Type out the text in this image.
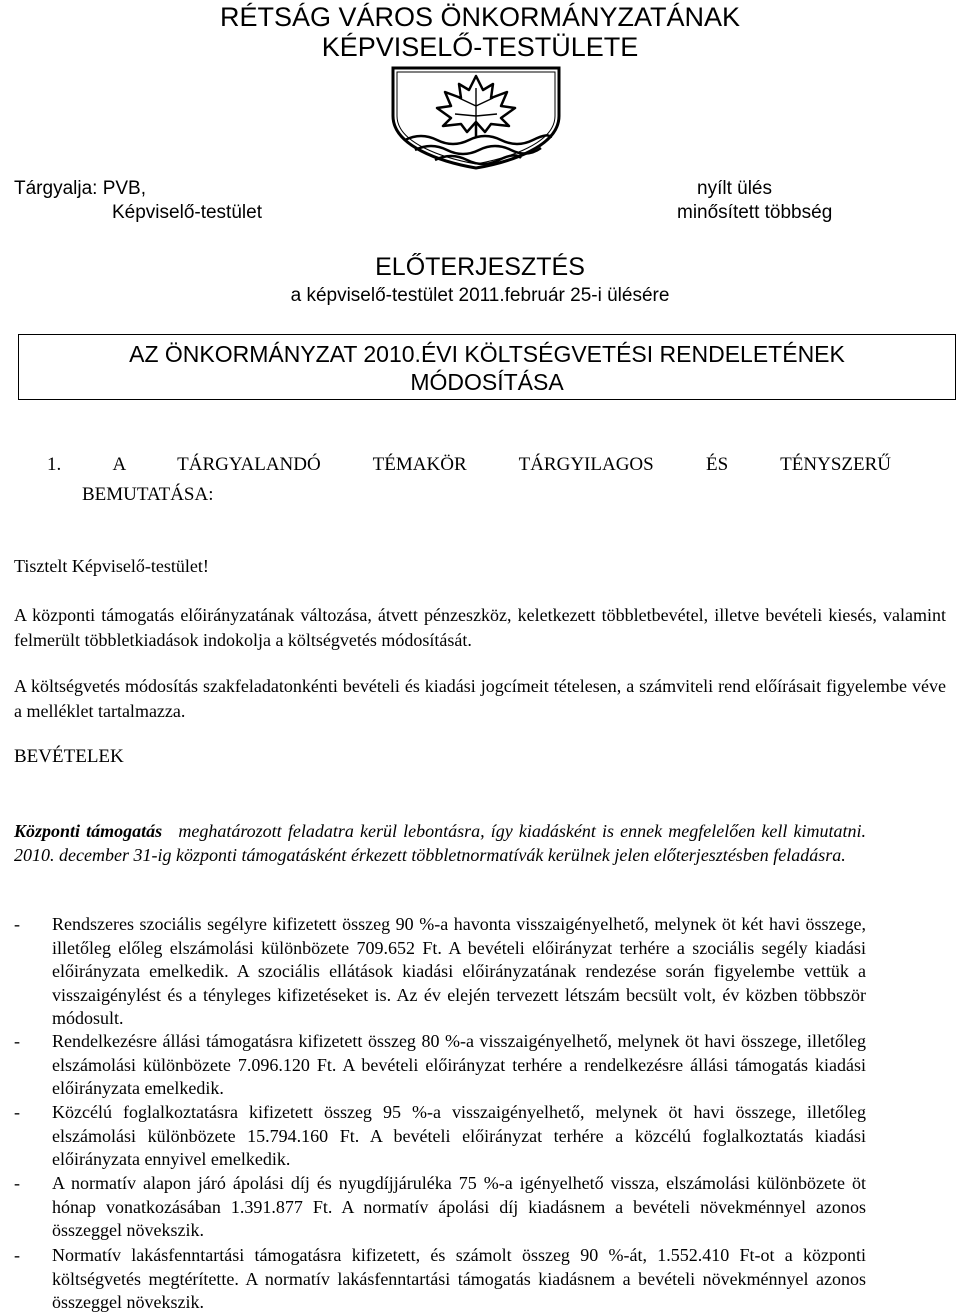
RÉTSÁG VÁROS ÖNKORMÁNYZATÁNAK
KÉPVISELŐ-TESTÜLETE
Tárgyalja: PVB,
Képviselő-testület
nyílt ülés
minősített többség
ELŐTERJESZTÉS
a képviselő-testület 2011.február 25-i ülésére
AZ ÖNKORMÁNYZAT 2010.ÉVI KÖLTSÉGVETÉSI RENDELETÉNEK
MÓDOSÍTÁSA
1. A TÁRGYALANDÓ TÉMAKÖR TÁRGYILAGOS ÉS TÉNYSZERŰ
BEMUTATÁSA:
Tisztelt Képviselő-testület!
A központi támogatás előirányzatának változása, átvett pénzeszköz, keletkezett többletbevétel, illetve bevételi kiesés, valamint felmerült többletkiadások indokolja a költségvetés módosítását.
A költségvetés módosítás szakfeladatonkénti bevételi és kiadási jogcímeit tételesen, a számviteli rend előírásait figyelembe véve a melléklet tartalmazza.
BEVÉTELEK
Központi támogatás meghatározott feladatra kerül lebontásra, így kiadásként is ennek megfelelően kell kimutatni. 2010. december 31-ig központi támogatásként érkezett többletnormatívák kerülnek jelen előterjesztésben feladásra.
- Rendszeres szociális segélyre kifizetett összeg 90 %-a havonta visszaigényelhető, melynek öt két havi összege, illetőleg előleg elszámolási különbözete 709.652 Ft. A bevételi előirányzat terhére a szociális segély kiadási előirányzata emelkedik. A szociális ellátások kiadási előirányzatának rendezése során figyelembe vettük a visszaigénylést és a tényleges kifizetéseket is. Az év elején tervezett létszám becsült volt, év közben többször módosult.
- Rendelkezésre állási támogatásra kifizetett összeg 80 %-a visszaigényelhető, melynek öt havi összege, illetőleg elszámolási különbözete 7.096.120 Ft. A bevételi előirányzat terhére a rendelkezésre állási támogatás kiadási előirányzata emelkedik.
- Közcélú foglalkoztatásra kifizetett összeg 95 %-a visszaigényelhető, melynek öt havi összege, illetőleg elszámolási különbözete 15.794.160 Ft. A bevételi előirányzat terhére a közcélú foglalkoztatás kiadási előirányzata ennyivel emelkedik.
- A normatív alapon járó ápolási díj és nyugdíjjáruléka 75 %-a igényelhető vissza, elszámolási különbözete öt hónap vonatkozásában 1.391.877 Ft. A normatív ápolási díj kiadásnem a bevételi növekménnyel azonos összeggel növekszik.
- Normatív lakásfenntartási támogatásra kifizetett, és számolt összeg 90 %-át, 1.552.410 Ft-ot a központi költségvetés megtérítette. A normatív lakásfenntartási támogatás kiadásnem a bevételi növekménnyel azonos összeggel növekszik.
